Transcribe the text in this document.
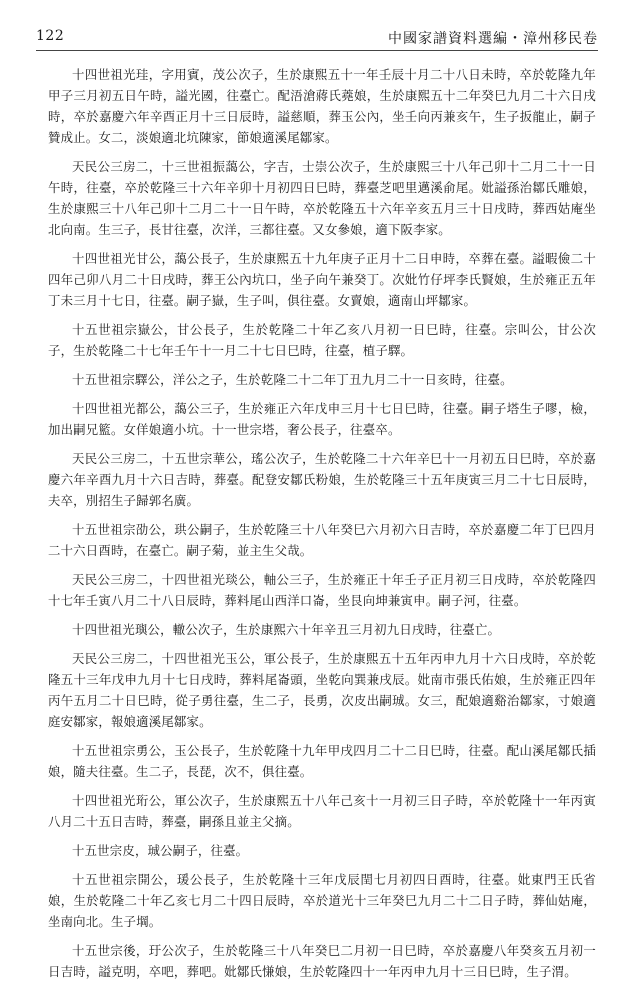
122	中國家譜資料選編・漳州移民卷

十四世祖光珪，字用賓，茂公次子，生於康熙五十一年壬辰十月二十八日未時，卒於乾隆九年甲子三月初五日午時，謚光國，往臺亡。配浯滄蔣氏蕘娘，生於康熙五十二年癸巳九月二十六日戌時，卒於嘉慶六年辛酉正月十三日辰時，謚慈順，葬玉公內，坐壬向丙兼亥午，生子扳龍止，嗣子贊成止。女二，淡娘適北坑陳家，節娘適溪尾鄒家。

天民公三房二，十三世祖振藹公，字吉，士崇公次子，生於康熙三十八年己卯十二月二十一日午時，往臺，卒於乾隆三十六年辛卯十月初四日巳時，葬臺芝吧里邁溪俞尾。妣謚孫治鄒氏雕娘，生於康熙三十八年己卯十二月二十一日午時，卒於乾隆五十六年辛亥五月三十日戌時，葬西姑庵坐北向南。生三子，長甘往臺，次洋，三都往臺。又女參娘，適下阪李家。

十四世祖光甘公，藹公長子，生於康熙五十九年庚子正月十二日申時，卒葬在臺。謚暇儉二十四年己卯八月二十日戌時，葬王公內坑口，坐子向午兼癸丁。次妣竹仔坪李氏賢娘，生於雍正五年丁未三月十七日，往臺。嗣子嶽，生子叫，俱往臺。女賣娘，適南山坪鄒家。

十五世祖宗嶽公，甘公長子，生於乾隆二十年乙亥八月初一日巳時，往臺。宗叫公，甘公次子，生於乾隆二十七年壬午十一月二十七日巳時，往臺，植子驛。

十五世祖宗驛公，洋公之子，生於乾隆二十二年丁丑九月二十一日亥時，往臺。

十四世祖光都公，藹公三子，生於雍正六年戊申三月十七日巳時，往臺。嗣子塔生子嘐，檢，加出嗣兄籃。女佯娘適小坑。十一世宗塔，奢公長子，往臺卒。

天民公三房二，十五世宗華公，瑤公次子，生於乾隆二十六年辛巳十一月初五日巳時，卒於嘉慶六年辛酉九月十六日吉時，葬臺。配登安鄒氏粉娘，生於乾隆三十五年庚寅三月二十七日辰時，夫卒，別招生子歸郭名廣。

十五世祖宗劭公，珙公嗣子，生於乾隆三十八年癸巳六月初六日吉時，卒於嘉慶二年丁巳四月二十六日酉時，在臺亡。嗣子菊，並主生父哉。

天民公三房二，十四世祖光琰公，軸公三子，生於雍正十年壬子正月初三日戌時，卒於乾隆四十七年壬寅八月二十八日辰時，葬料尾山西洋口崙，坐艮向坤兼寅申。嗣子河，往臺。

十四世祖光璵公，轍公次子，生於康熙六十年辛丑三月初九日戌時，往臺亡。

天民公三房二，十四世祖光玉公，軍公長子，生於康熙五十五年丙申九月十六日戌時，卒於乾隆五十三年戊申九月十七日戌時，葬料尾崙頭，坐乾向巽兼戌辰。妣南市張氏佑娘，生於雍正四年丙午五月二十日巳時，從子勇往臺，生二子，長勇，次皮出嗣珹。女三，配娘適谿治鄒家，寸娘適庭安鄒家，報娘適溪尾鄒家。

十五世祖宗勇公，玉公長子，生於乾隆十九年甲戌四月二十二日巳時，往臺。配山溪尾鄒氏插娘，隨夫往臺。生二子，長琵，次不，俱往臺。

十四世祖光珩公，軍公次子，生於康熙五十八年己亥十一月初三日子時，卒於乾隆十一年丙寅八月二十五日吉時，葬臺，嗣孫且並主父摘。

十五世宗皮，珹公嗣子，往臺。

十五世祖宗開公，瑗公長子，生於乾隆十三年戊辰閏七月初四日酉時，往臺。妣東門王氏省娘，生於乾隆二十年乙亥七月二十四日辰時，卒於道光十三年癸巳九月二十二日子時，葬仙姑庵，坐南向北。生子堈。

十五世宗後，玗公次子，生於乾隆三十八年癸巳二月初一日巳時，卒於嘉慶八年癸亥五月初一日吉時，謚克明，卒吧，葬吧。妣鄒氏慊娘，生於乾隆四十一年丙申九月十三日巳時，生子渭。
